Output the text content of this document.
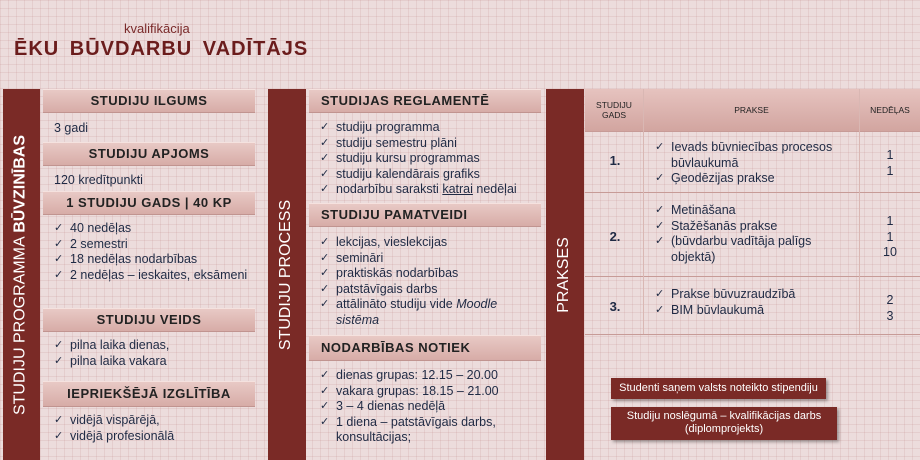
kvalifikācija
ĒKU BŪVDARBU VADĪTĀJS
STUDIJU PROGRAMMA BŪVZINĪBAS
STUDIJU ILGUMS
3 gadi
STUDIJU APJOMS
120 kredītpunkti
1 STUDIJU GADS | 40 KP
✓ 40 nedēļas
✓ 2 semestri
✓ 18 nedēļas nodarbības
✓ 2 nedēļas – ieskaites, eksāmeni
STUDIJU VEIDS
✓ pilna laika dienas,
✓ pilna laika vakara
IEPRIEKŠĒJĀ IZGLĪTĪBA
✓ vidējā vispārējā,
✓ vidējā profesionālā
STUDIJU PROCESS
STUDIJAS REGLAMENTĒ
✓ studiju programma
✓ studiju semestru plāni
✓ studiju kursu programmas
✓ studiju kalendārais grafiks
✓ nodarbību saraksti katrai nedēļai
STUDIJU PAMATVEIDI
✓ lekcijas, vieslekcijas
✓ semināri
✓ praktiskās nodarbības
✓ patstāvīgais darbs
✓ attālināto studiju vide Moodle sistēma
NODARBĪBAS NOTIEK
✓ dienas grupas: 12.15 – 20.00
✓ vakara grupas: 18.15 – 21.00
✓ 3 – 4 dienas nedēļā
✓ 1 diena – patstāvīgais darbs, konsultācijas;
PRAKSES
STUDIJU GADS	PRAKSE	NEDĒĻAS
1.
✓ Ievads būvniecības procesos būvlaukumā
✓ Ģeodēzijas prakse
1
1
2.
✓ Metināšana
✓ Stažēšanās prakse
✓ (būvdarbu vadītāja palīgs objektā)
1
1
10
3.
✓ Prakse būvuzraudzībā
✓ BIM būvlaukumā
2
3
Studenti saņem valsts noteikto stipendiju
Studiju noslēgumā – kvalifikācijas darbs (diplomprojekts)
